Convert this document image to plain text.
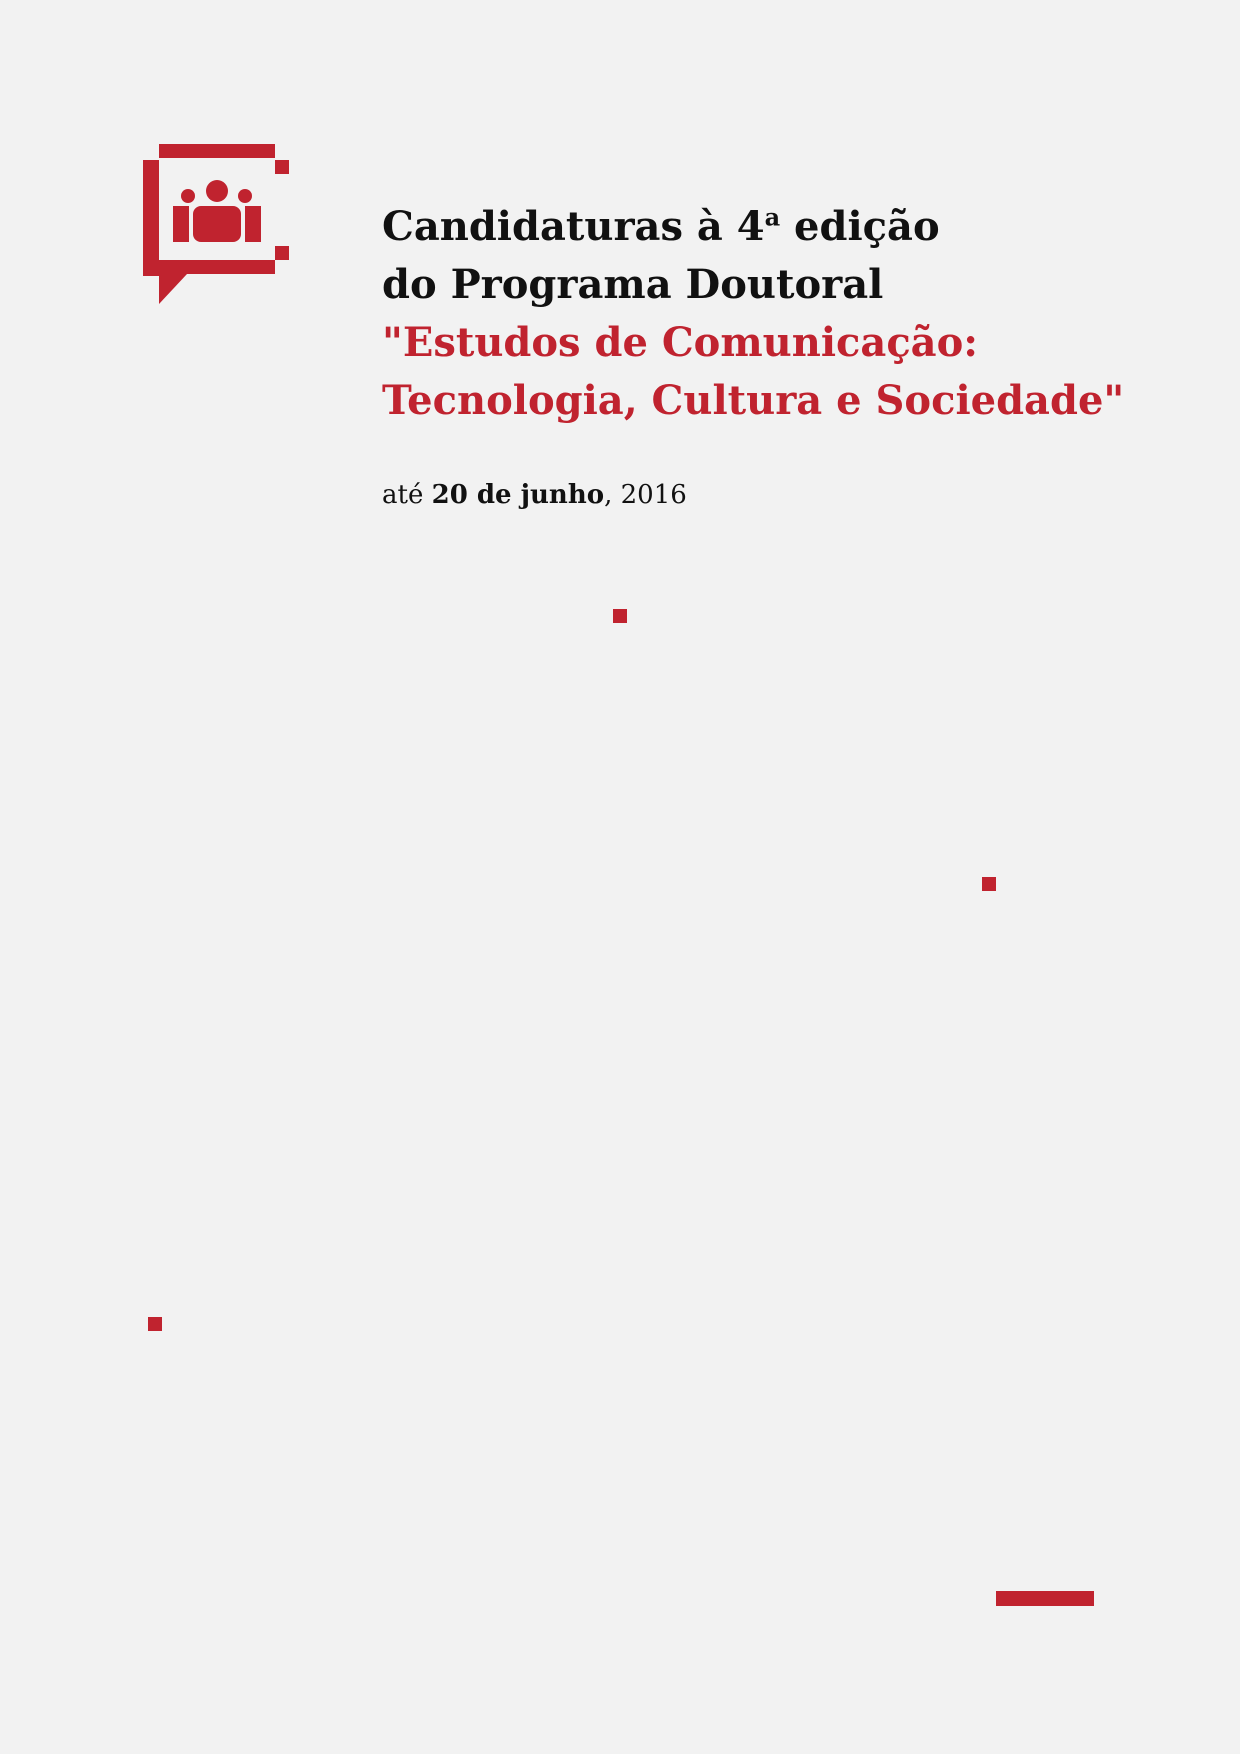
Candidaturas à 4$^a$ edição
do Programa Doutoral
"Estudos de Comunicação:
Tecnologia, Cultura e Sociedade"
até 20 de junho, 2016
